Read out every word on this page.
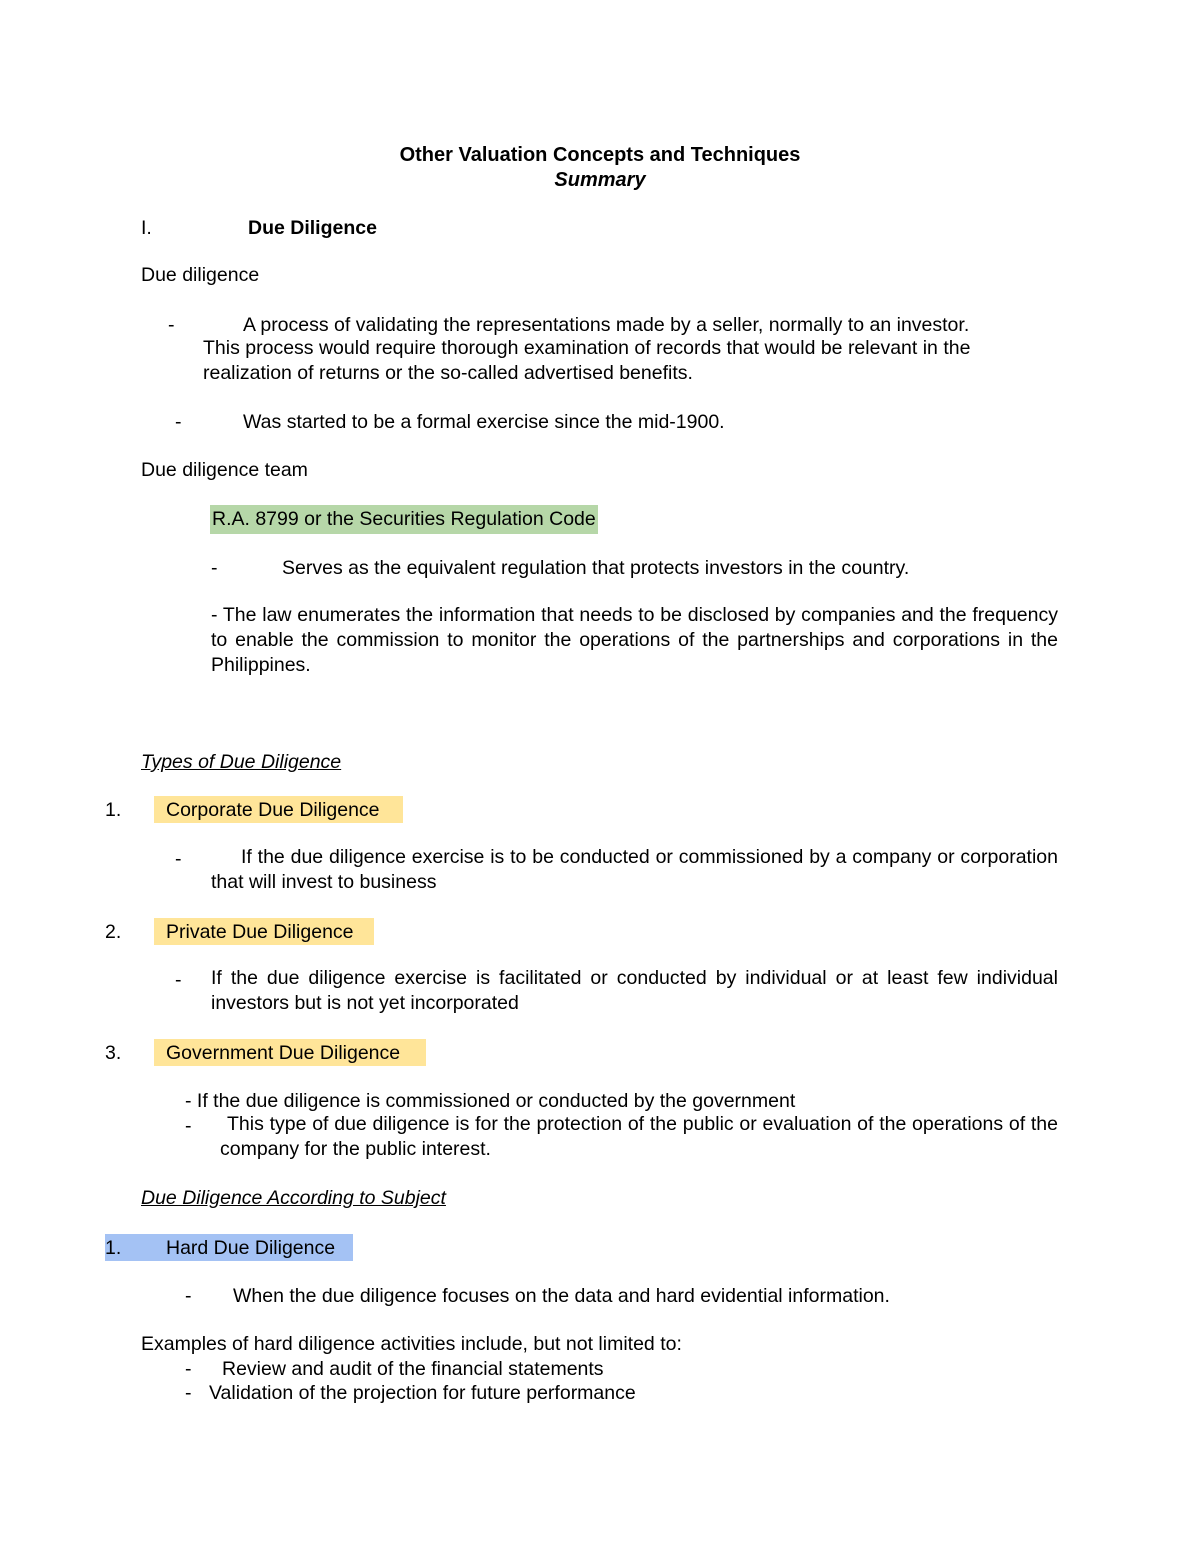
Other Valuation Concepts and Techniques
Summary
I.	Due Diligence
Due diligence
-	A process of validating the representations made by a seller, normally to an investor.
This process would require thorough examination of records that would be relevant in the realization of returns or the so-called advertised benefits.
-	Was started to be a formal exercise since the mid-1900.
Due diligence team
R.A. 8799 or the Securities Regulation Code
-	Serves as the equivalent regulation that protects investors in the country.
- The law enumerates the information that needs to be disclosed by companies and the frequency to enable the commission to monitor the operations of the partnerships and corporations in the Philippines.
Types of Due Diligence
1. Corporate Due Diligence
-	If the due diligence exercise is to be conducted or commissioned by a company or corporation that will invest to business
2. Private Due Diligence
- If the due diligence exercise is facilitated or conducted by individual or at least few individual investors but is not yet incorporated
3. Government Due Diligence
- If the due diligence is commissioned or conducted by the government
-	This type of due diligence is for the protection of the public or evaluation of the operations of the company for the public interest.
Due Diligence According to Subject
1. Hard Due Diligence
- When the due diligence focuses on the data and hard evidential information.
Examples of hard diligence activities include, but not limited to:
- Review and audit of the financial statements
- Validation of the projection for future performance
